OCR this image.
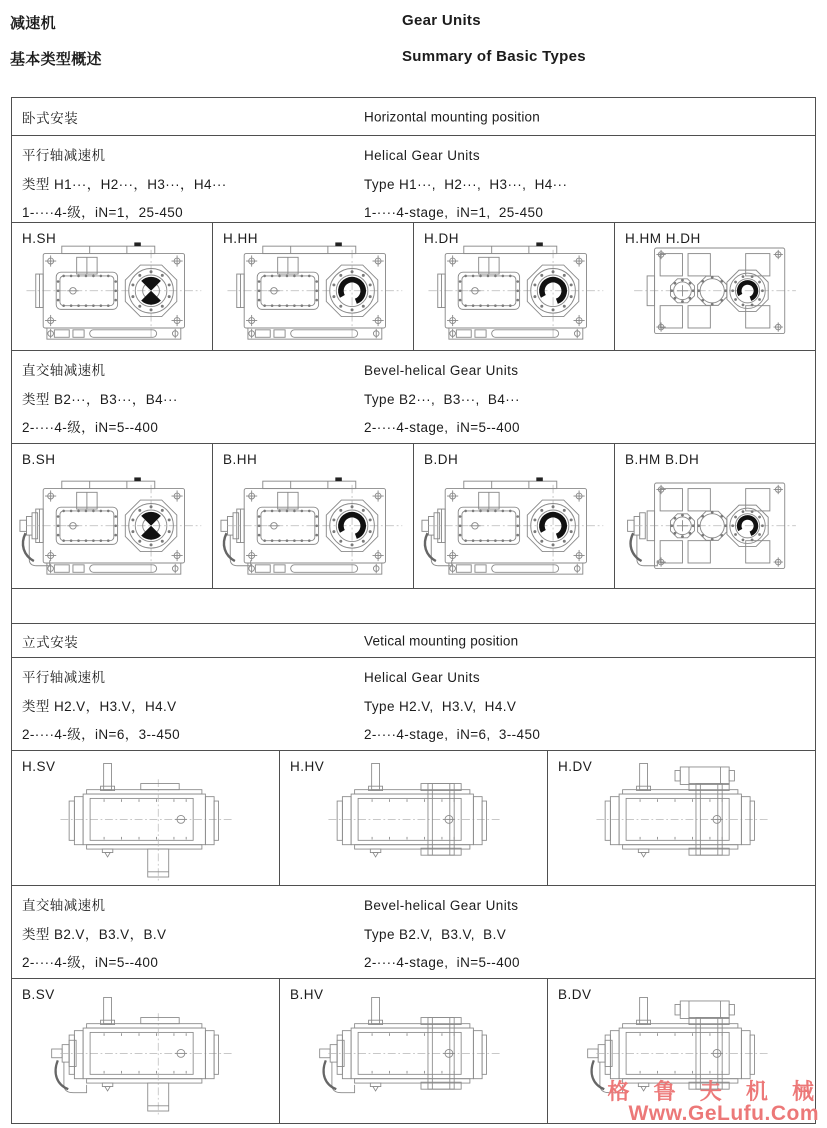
减速机
基本类型概述
Gear Units
Summary of Basic Types
卧式安装	Horizontal mounting position

平行轴减速机

类型 H1···，H2···，H3···，H4···

1-····4-级，iN=1，25-450

Helical Gear Units

Type H1···,  H2···,  H3···,  H4···

1-····4-stage,  iN=1,  25-450

H.SH	H.HH	H.DH	H.HM H.DH

直交轴减速机

类型 B2···，B3···，B4···

2-····4-级，iN=5--400

Bevel-helical Gear Units

Type B2···,  B3···,  B4···

2-····4-stage,  iN=5--400

B.SH	B.HH	B.DH	B.HM B.DH
立式安装	Vetical mounting position

平行轴减速机

类型 H2.V，H3.V，H4.V

2-····4-级，iN=6，3--450

Helical Gear Units

Type H2.V,  H3.V,  H4.V

2-····4-stage,  iN=6,  3--450

H.SV	H.HV	H.DV

直交轴减速机

类型 B2.V，B3.V，B.V

2-····4-级，iN=5--400

Bevel-helical Gear Units

Type B2.V,  B3.V,  B.V

2-····4-stage,  iN=5--400

B.SV	B.HV	B.DV
格 鲁 夫 机 械
Www.GeLufu.Com
